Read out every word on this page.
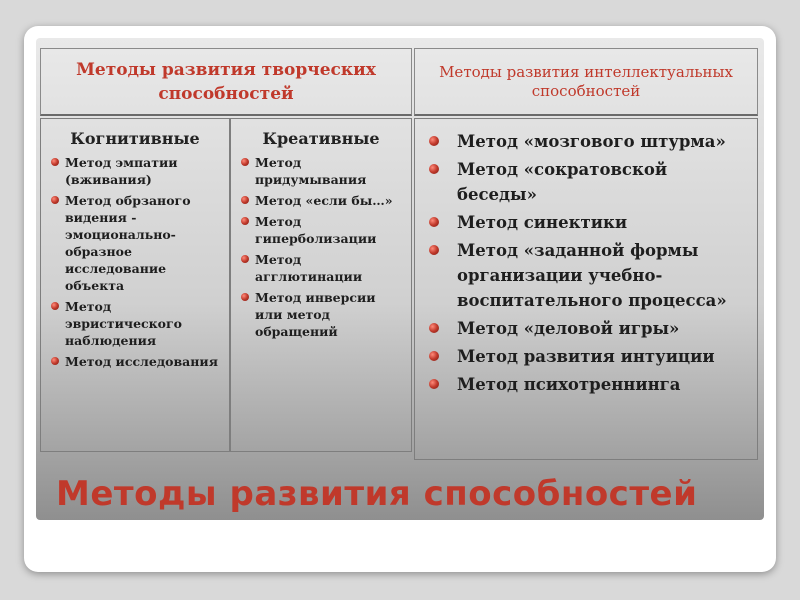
Методы развития творческих способностей
Методы развития интеллектуальных способностей
Когнитивные
Метод эмпатии (вживания)
Метод обрзаного видения - эмоционально-образное исследование объекта
Метод эвристического наблюдения
Метод исследования
Креативные
Метод придумывания
Метод «если бы…»
Метод гиперболизации
Метод агглютинации
Метод инверсии или метод обращений
Метод «мозгового штурма»
Метод «сократовской беседы»
Метод синектики
Метод «заданной формы организации учебно-воспитательного процесса»
Метод «деловой игры»
Метод развития интуиции
Метод психотреннинга
Методы развития способностей
